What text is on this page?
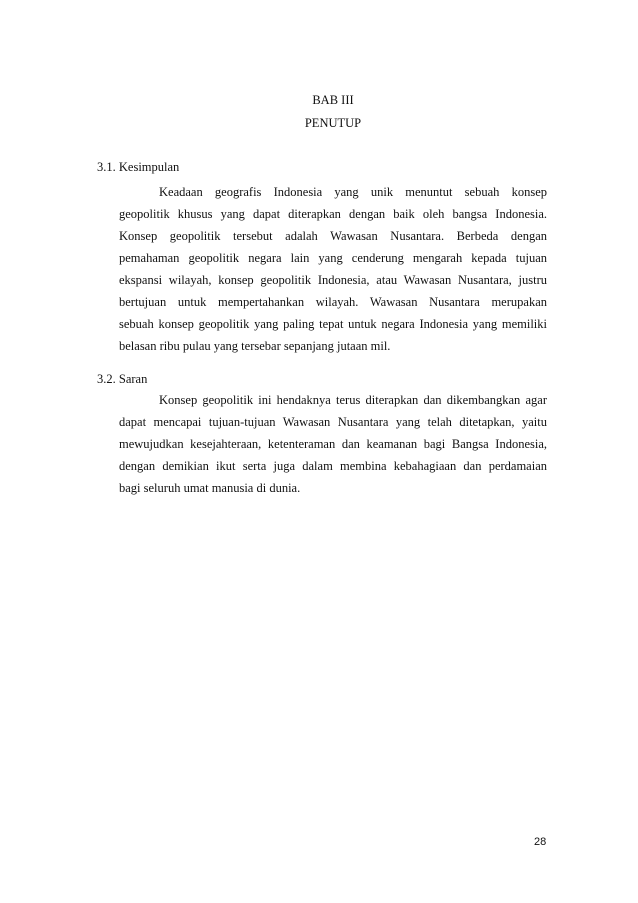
BAB III
PENUTUP
3.1. Kesimpulan
Keadaan geografis Indonesia yang unik menuntut sebuah konsep
geopolitik khusus yang dapat diterapkan dengan baik oleh bangsa Indonesia.
Konsep geopolitik tersebut adalah Wawasan Nusantara. Berbeda dengan
pemahaman geopolitik negara lain yang cenderung mengarah kepada tujuan
ekspansi wilayah, konsep geopolitik Indonesia, atau Wawasan Nusantara, justru
bertujuan untuk mempertahankan wilayah. Wawasan Nusantara merupakan
sebuah konsep geopolitik yang paling tepat untuk negara Indonesia yang memiliki
belasan ribu pulau yang tersebar sepanjang jutaan mil.
3.2. Saran
Konsep geopolitik ini hendaknya terus diterapkan dan dikembangkan agar
dapat mencapai tujuan-tujuan Wawasan Nusantara yang telah ditetapkan, yaitu
mewujudkan kesejahteraan, ketenteraman dan keamanan bagi Bangsa Indonesia,
dengan demikian ikut serta juga dalam membina kebahagiaan dan perdamaian
bagi seluruh umat manusia di dunia.
28
